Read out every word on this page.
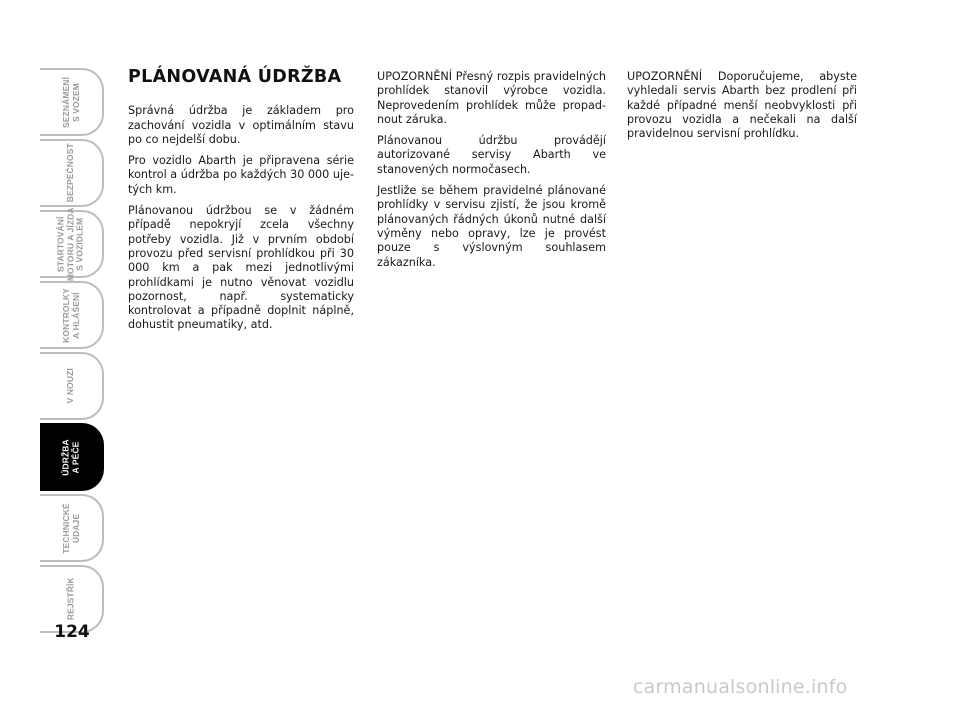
SEZNÁMENÍ
S VOZEM
BEZPEČNOST
STARTOVÁNÍ
MOTORU A JÍZDA
S VOZIDLEM
KONTROLKY
A HLÁŠENÍ
V NOUZI
ÚDRŽBA
A PÉČE
TECHNICKÉ
ÚDAJE
REJSTŘÍK
124
PLÁNOVANÁ ÚDRŽBA

Správná údržba je základem pro zachování vozidla v optimálním stavu po co nejdelší dobu.

Pro vozidlo Abarth je připravena série kontrol a údržba po každých 30 000 ujetých km.

Plánovanou údržbou se v žádném případě nepokryjí zcela všechny potřeby vozidla. Již v prvním období provozu před servisní prohlídkou při 30 000 km a pak mezi jednotlivými prohlídkami je nutno věnovat vozidlu pozornost, např. systematicky kontrolovat a případně doplnit náplně, dohustit pneumatiky, atd.

UPOZORNĚNÍ Přesný rozpis pravidelných prohlídek stanovil výrobce vozidla. Neprovedením prohlídek může propadnout záruka.

Plánovanou údržbu provádějí autorizované servisy Abarth ve stanovených normočasech.

Jestliže se během pravidelné plánované prohlídky v servisu zjistí, že jsou kromě plánovaných řádných úkonů nutné další výměny nebo opravy, lze je provést pouze s výslovným souhlasem zákazníka.

UPOZORNĚNÍ Doporučujeme, abyste vyhledali servis Abarth bez prodlení při každé případné menší neobvyklosti při provozu vozidla a nečekali na další pravidelnou servisní prohlídku.

carmanualsonline.info
